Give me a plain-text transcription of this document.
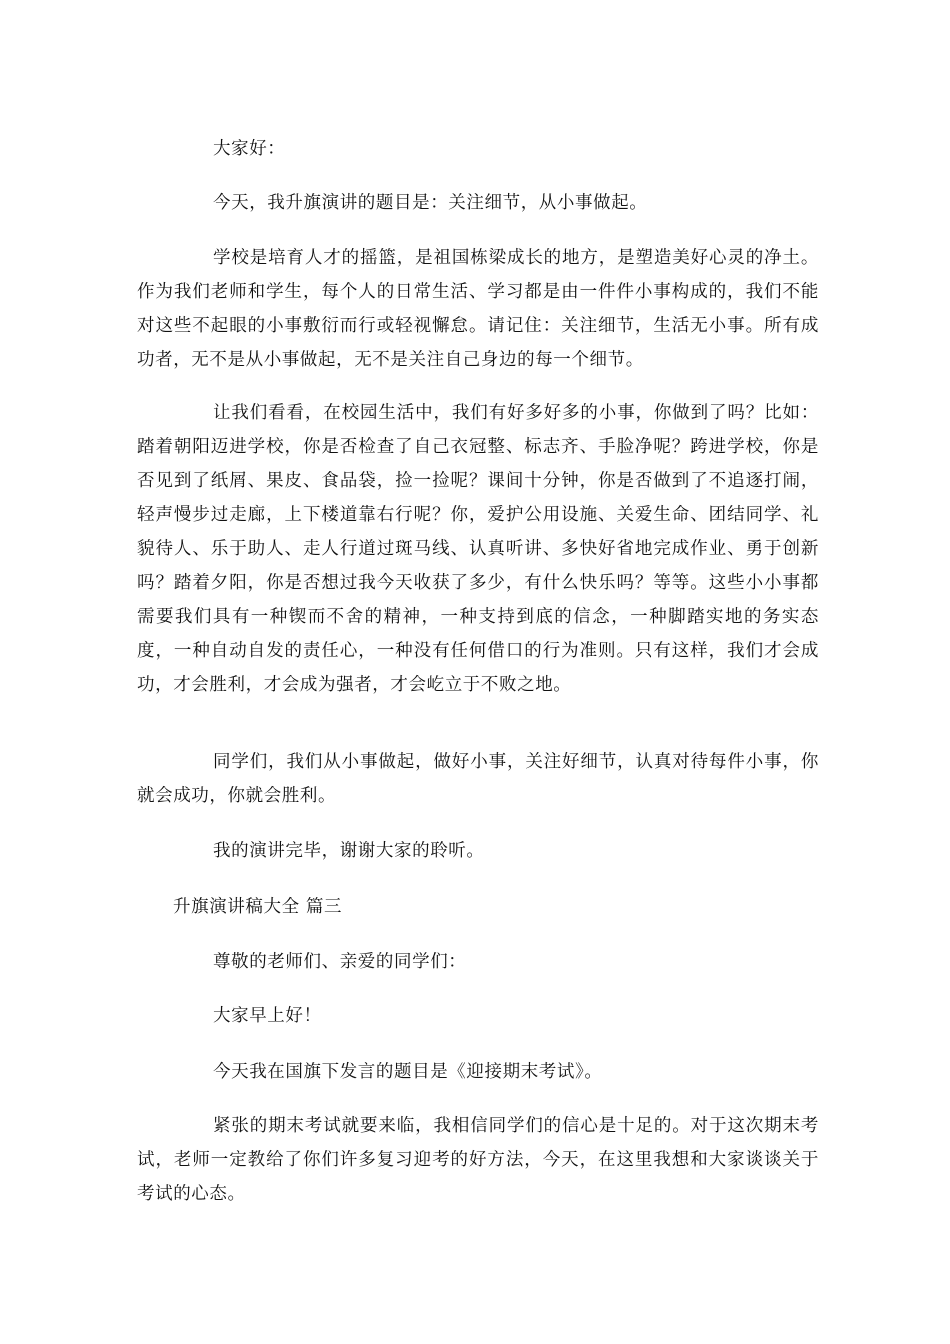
大家好：

今天，我升旗演讲的题目是：关注细节，从小事做起。

学校是培育人才的摇篮，是祖国栋梁成长的地方，是塑造美好心灵的净土。作为我们老师和学生，每个人的日常生活、学习都是由一件件小事构成的，我们不能对这些不起眼的小事敷衍而行或轻视懈怠。请记住：关注细节，生活无小事。所有成功者，无不是从小事做起，无不是关注自己身边的每一个细节。

让我们看看，在校园生活中，我们有好多好多的小事，你做到了吗？比如：踏着朝阳迈进学校，你是否检查了自己衣冠整、标志齐、手脸净呢？跨进学校，你是否见到了纸屑、果皮、食品袋，捡一捡呢？课间十分钟，你是否做到了不追逐打闹，轻声慢步过走廊，上下楼道靠右行呢？你，爱护公用设施、关爱生命、团结同学、礼貌待人、乐于助人、走人行道过斑马线、认真听讲、多快好省地完成作业、勇于创新吗？踏着夕阳，你是否想过我今天收获了多少，有什么快乐吗？等等。这些小小事都需要我们具有一种锲而不舍的精神，一种支持到底的信念，一种脚踏实地的务实态度，一种自动自发的责任心，一种没有任何借口的行为准则。只有这样，我们才会成功，才会胜利，才会成为强者，才会屹立于不败之地。

同学们，我们从小事做起，做好小事，关注好细节，认真对待每件小事，你就会成功，你就会胜利。

我的演讲完毕，谢谢大家的聆听。

升旗演讲稿大全 篇三

尊敬的老师们、亲爱的同学们：

大家早上好！

今天我在国旗下发言的题目是《迎接期末考试》。

紧张的期末考试就要来临，我相信同学们的信心是十足的。对于这次期末考试，老师一定教给了你们许多复习迎考的好方法，今天，在这里我想和大家谈谈关于考试的心态。
